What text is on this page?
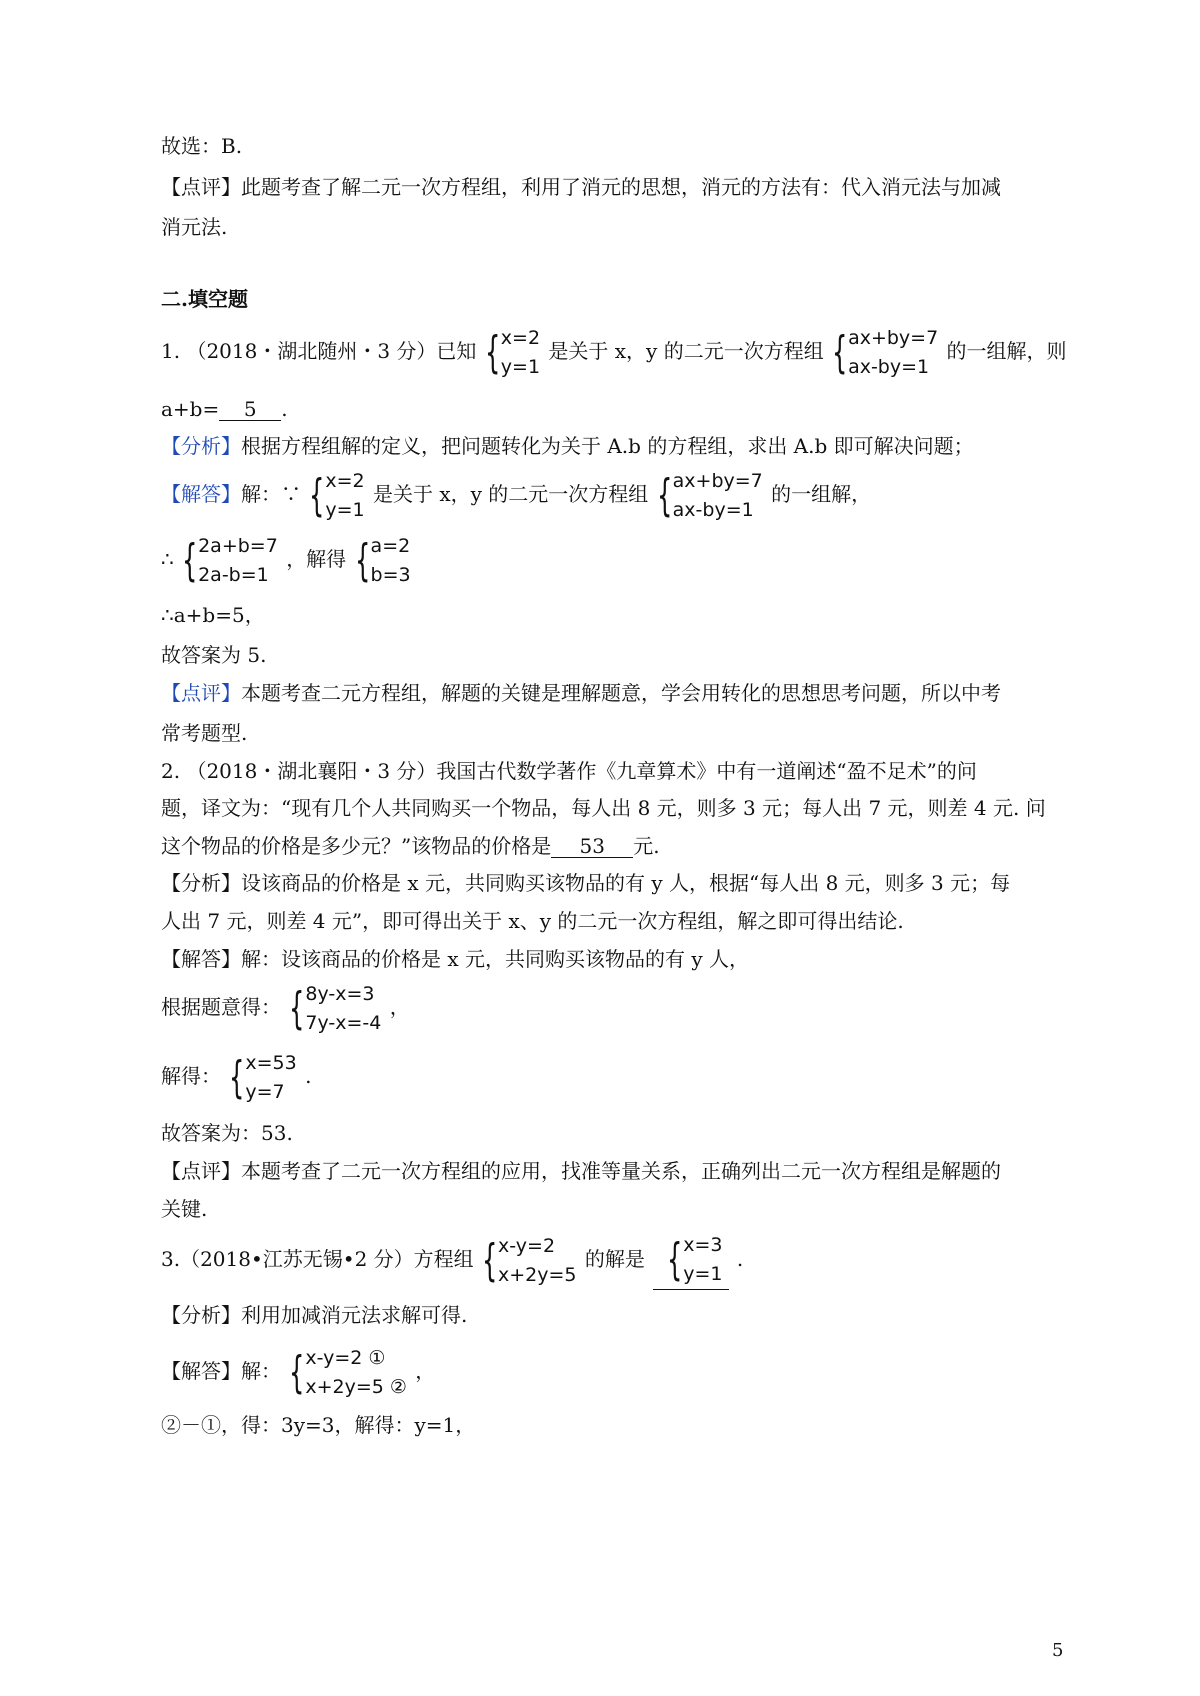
故选：B.
【点评】此题考查了解二元一次方程组，利用了消元的思想，消元的方法有：代入消元法与加减
消元法.
二.填空题
1. （2018・湖北随州・3 分）已知 { x=2
y=1
是关于 x，y 的二元一次方程组 { ax+by=7
ax-by=1
的一组解，则
a+b= 5 .
【分析】根据方程组解的定义，把问题转化为关于 A.b 的方程组，求出 A.b 即可解决问题；
【解答】解：∵ { x=2
y=1
是关于 x，y 的二元一次方程组 { ax+by=7
ax-by=1
的一组解，
∴ { 2a+b=7
2a-b=1
，解得 { a=2
b=3
∴a+b=5，
故答案为 5.
【点评】本题考查二元方程组，解题的关键是理解题意，学会用转化的思想思考问题，所以中考
常考题型.
2. （2018・湖北襄阳・3 分）我国古代数学著作《九章算术》中有一道阐述“盈不足术”的问
题，译文为：“现有几个人共同购买一个物品，每人出 8 元，则多 3 元；每人出 7 元，则差 4 元. 问
这个物品的价格是多少元？”该物品的价格是 53 元.
【分析】设该商品的价格是 x 元，共同购买该物品的有 y 人，根据“每人出 8 元，则多 3 元；每
人出 7 元，则差 4 元”，即可得出关于 x、y 的二元一次方程组，解之即可得出结论.
【解答】解：设该商品的价格是 x 元，共同购买该物品的有 y 人，
根据题意得： { 8y-x=3
7y-x=-4
，
解得： { x=53
y=7
.
故答案为：53.
【点评】本题考查了二元一次方程组的应用，找准等量关系，正确列出二元一次方程组是解题的
关键.
3.（2018•江苏无锡•2 分）方程组 { x-y=2
x+2y=5
的解是 { x=3
y=1
.
【分析】利用加减消元法求解可得.
【解答】解： { x-y=2 ①
x+2y=5 ②
，
②－①，得：3y=3，解得：y=1，
5
